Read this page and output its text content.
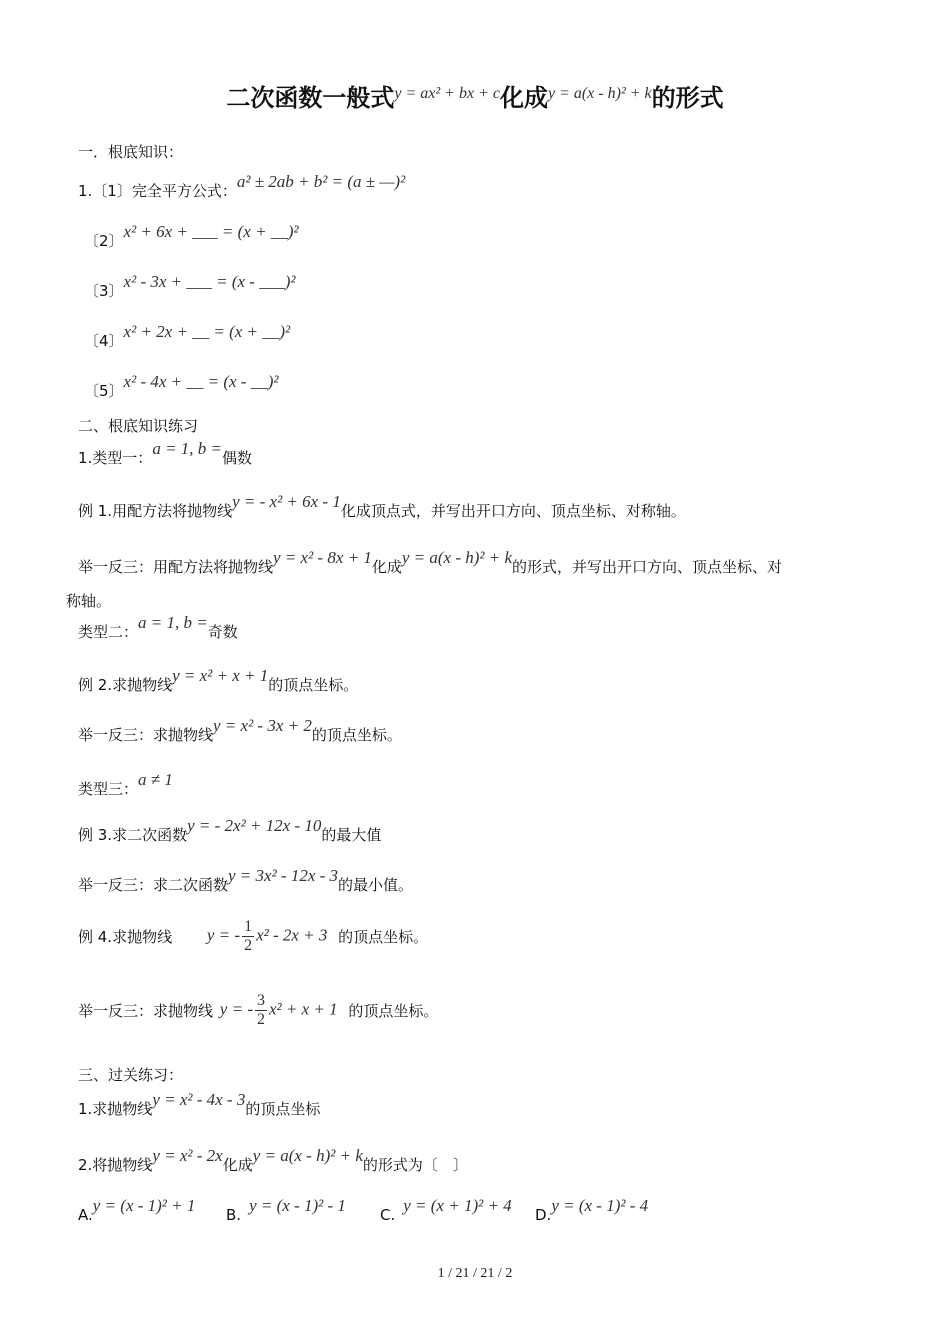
二次函数一般式$^{y = ax^2 + bx + c}$化成$^{y = a(x - h)^2 + k}$的形式
一．根底知识：
1.〔1〕完全平方公式：a² ± 2ab + b² = (a ± —)²
〔2〕x² + 6x + ___ = (x + __)²
〔3〕x² - 3x + ___ = (x - ___)²
〔4〕x² + 2x + __ = (x + __)²
〔5〕x² - 4x + __ = (x - __)²
二、根底知识练习
1.类型一：a = 1, b =偶数
例 1.用配方法将抛物线y = - x² + 6x - 1化成顶点式，并写出开口方向、顶点坐标、对称轴。
举一反三：用配方法将抛物线y = x² - 8x + 1化成y = a(x - h)² + k的形式，并写出开口方向、顶点坐标、对
称轴。
类型二：a = 1, b =奇数
例 2.求抛物线y = x² + x + 1的顶点坐标。
举一反三：求抛物线y = x² - 3x + 2的顶点坐标。
类型三：a ≠ 1
例 3.求二次函数y = - 2x² + 12x - 10的最大值
举一反三：求二次函数y = 3x² - 12x - 3的最小值。
例 4.求抛物线 y = - $\frac{1}{2} x^2 - 2x + 3$ 的顶点坐标。
举一反三：求抛物线 y = - $\frac{3}{2} x^2 + x + 1$ 的顶点坐标。
三、过关练习：
1.求抛物线y = x² - 4x - 3的顶点坐标
2.将抛物线y = x² - 2x化成y = a(x - h)² + k的形式为〔　〕
A.y = (x - 1)² + 1 B. y = (x - 1)² - 1 C. y = (x + 1)² + 4 D.y = (x - 1)² - 4
1 / 21 / 21 / 2
